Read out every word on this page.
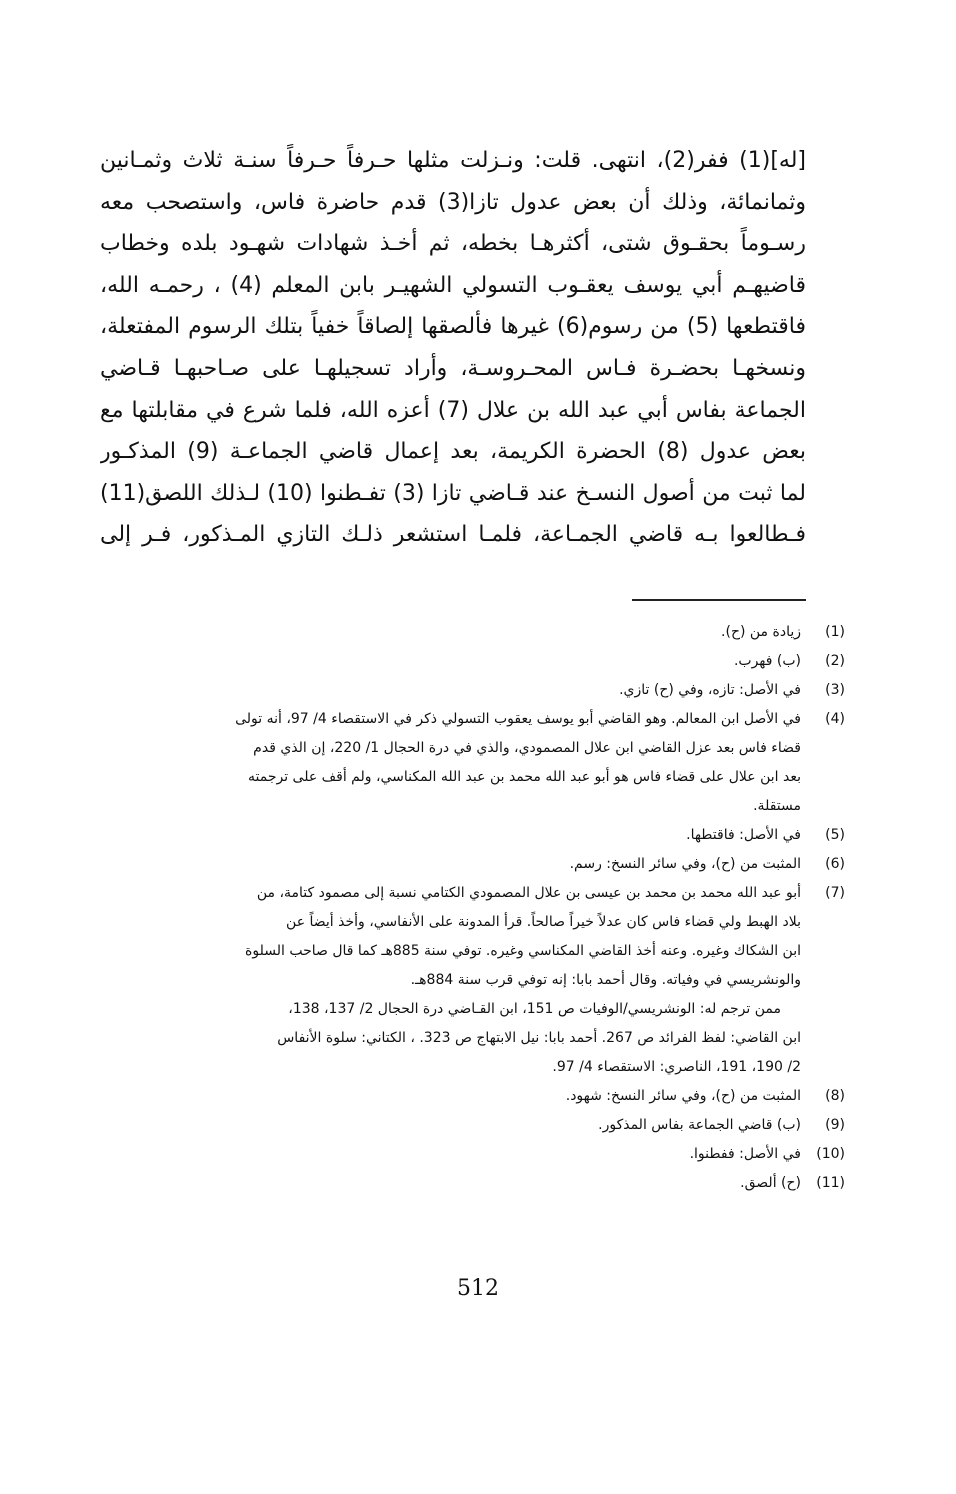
[له](1) ففر(2)، انتهى. قلت: ونـزلت مثلها حـرفاً حـرفاً سنـة ثلاث وثمـانين
وثمانمائة، وذلك أن بعض عدول تازا(3) قدم حاضرة فاس، واستصحب معه
رسـوماً بحقـوق شتى، أكثرهـا بخطه، ثم أخـذ شهادات شهـود بلده وخطاب
قاضيهـم أبي يوسف يعقـوب التسولي الشهيـر بابن المعلم (4) ، رحمـه الله،
فاقتطعها (5) من رسوم(6) غيرها فألصقها إلصاقاً خفياً بتلك الرسوم المفتعلة،
ونسخهـا بحضـرة فـاس المحـروسـة، وأراد تسجيلهـا على صـاحبهـا قـاضي
الجماعة بفاس أبي عبد الله بن علال (7) أعزه الله، فلما شرع في مقابلتها مع
بعض عدول (8) الحضرة الكريمة، بعد إعمال قاضي الجماعـة (9) المذكـور
لما ثبت من أصول النسـخ عند قـاضي تازا (3) تفـطنوا (10) لـذلك اللصق(11)
فـطالعوا بـه قاضي الجمـاعة، فلمـا استشعر ذلـك التازي المـذكور، فـر إلى
(1)
زيادة من (ح).
(2)
(ب) فهرب.
(3)
في الأصل: تازه، وفي (ح) تازي.
(4)
في الأصل ابن المعالم. وهو القاضي أبو يوسف يعقوب التسولي ذكر في الاستقصاء 4/ 97، أنه تولى
قضاء فاس بعد عزل القاضي ابن علال المصمودي، والذي في درة الحجال 1/ 220، إن الذي قدم
بعد ابن علال على قضاء فاس هو أبو عبد الله محمد بن عبد الله المكناسي، ولم أقف على ترجمته
مستقلة.
(5)
في الأصل: فاقتطها.
(6)
المثبت من (ح)، وفي سائر النسخ: رسم.
(7)
أبو عبد الله محمد بن محمد بن عيسى بن علال المصمودي الكتامي نسبة إلى مصمود كتامة، من
بلاد الهبط ولي قضاء فاس كان عدلاً خيراً صالحاً. قرأ المدونة على الأنفاسي، وأخذ أيضاً عن
ابن الشكاك وغيره. وعنه أخذ القاضي المكناسي وغيره. توفي سنة 885هـ كما قال صاحب السلوة
والونشريسي في وفياته. وقال أحمد بابا: إنه توفي قرب سنة 884هـ.
ممن ترجم له: الونشريسي/الوفيات ص 151، ابن القـاضي درة الحجال 2/ 137، 138،
ابن القاضي: لفظ الفرائد ص 267. أحمد بابا: نيل الابتهاج ص 323. ، الكتاني: سلوة الأنفاس
2/ 190، 191، الناصري: الاستقصاء 4/ 97.
(8)
المثبت من (ح)، وفي سائر النسخ: شهود.
(9)
(ب) قاضي الجماعة بفاس المذكور.
(10)
في الأصل: ففطنوا.
(11)
(ح) ألصق.
512
